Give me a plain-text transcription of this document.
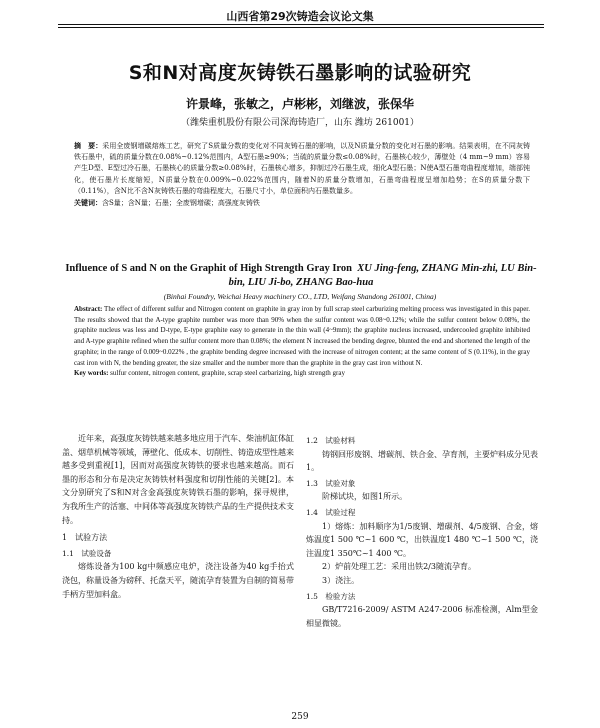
山西省第29次铸造会议论文集
S和N对高度灰铸铁石墨影响的试验研究
许景峰，张敏之，卢彬彬，刘继波，张保华
（潍柴重机股份有限公司深海铸造厂，山东 潍坊 261001）
摘　要：采用全废钢增碳熔炼工艺，研究了S质量分数的变化对不同灰铸石墨的影响，以及N质量分数的变化对石墨的影响。结果表明，在不同灰铸铁石墨中，硫的质量分数在0.08%~0.12%范围内，A型石墨≥90%；当硫的质量分数≤0.08%时，石墨核心较少，薄壁处（4 mm~9 mm）容易产生D型、E型过冷石墨，石墨核心的质量分数≥0.08%时，石墨核心增多，抑制过冷石墨生成，细化A型石墨；N使A型石墨弯曲程度增加，端部钝化，使石墨片长度缩短，N质量分数在0.009%~0.022%范围内，随着N的质量分数增加，石墨弯曲程度呈增加趋势；在S的质量分数下（0.11%），含N比不含N灰铸铁石墨的弯曲程度大，石墨尺寸小，单位面积内石墨数量多。
关键词：含S量；含N量；石墨；全废钢增碳；高强度灰铸铁
Influence of S and N on the Graphit of High Strength Gray Iron XU Jing-feng, ZHANG Min-zhi, LU Bin-bin, LIU Ji-bo, ZHANG Bao-hua
(Binhai Foundry, Weichai Heavy machinery CO., LTD, Weifang Shandong 261001, China)
Abstract: The effect of different sulfur and Nitrogen content on graphite in gray iron by full scrap steel carburizing melting process was investigated in this paper. The results showed that the A-type graphite number was more than 90% when the sulfur content was 0.08~0.12%; while the sulfur content below 0.08%, the graphite nucleus was less and D-type, E-type graphite easy to generate in the thin wall (4~9mm); the graphite nucleus increased, undercooled graphite inhibited and A-type graphite refined when the sulfur content more than 0.08%; the element N increased the bending degree, blunted the end and shortened the length of the graphite; in the range of 0.009~0.022% , the graphite bending degree increased with the increase of nitrogen content; at the same content of S (0.11%), in the gray cast iron with N, the bending greater, the size smaller and the number more than the graphite in the gray cast iron without N.
Key words: sulfur content, nitrogen content, graphite, scrap steel carbarizing, high strength gray

近年来，高强度灰铸铁越来越多地应用于汽车、柴油机缸体缸盖、烟草机械等领域，薄壁化、低成本、切削性、铸造成型性越来越多受到重视[1]，因而对高强度灰铸铁的要求也越来越高。而石墨的形态和分布是决定灰铸铁材料强度和切削性能的关键[2]。本文分别研究了S和N对含金高强度灰铸铁石墨的影响，探寻规律，为我所生产的活塞、中间体等高强度灰铸铁产品的生产提供技术支持。

1　试验方法

1.1　试验设备

熔炼设备为100 kg中频感应电炉，浇注设备为40 kg手抬式浇包，称量设备为磅秤、托盘天平，随流孕育装置为自制的简易带手柄方型加料盒。

1.2　试验材料

铸钢回形废钢、增碳剂、铁合金、孕育剂，主要炉料成分见表1。

1.3　试验对象

阶梯试块，如图1所示。

1.4　试验过程

1）熔炼：加料顺序为1/5废钢、增碳剂、4/5废钢、合金，熔炼温度1 500 ℃~1 600 ℃，出铁温度1 480 ℃~1 500 ℃，浇注温度1 350℃~1 400 ℃。

2）炉前处理工艺：采用出铁2/3随流孕育。

3）浇注。

1.5　检验方法

GB/T7216-2009/ ASTM A247-2006 标准检测，Alm型金相显微镜。

259
